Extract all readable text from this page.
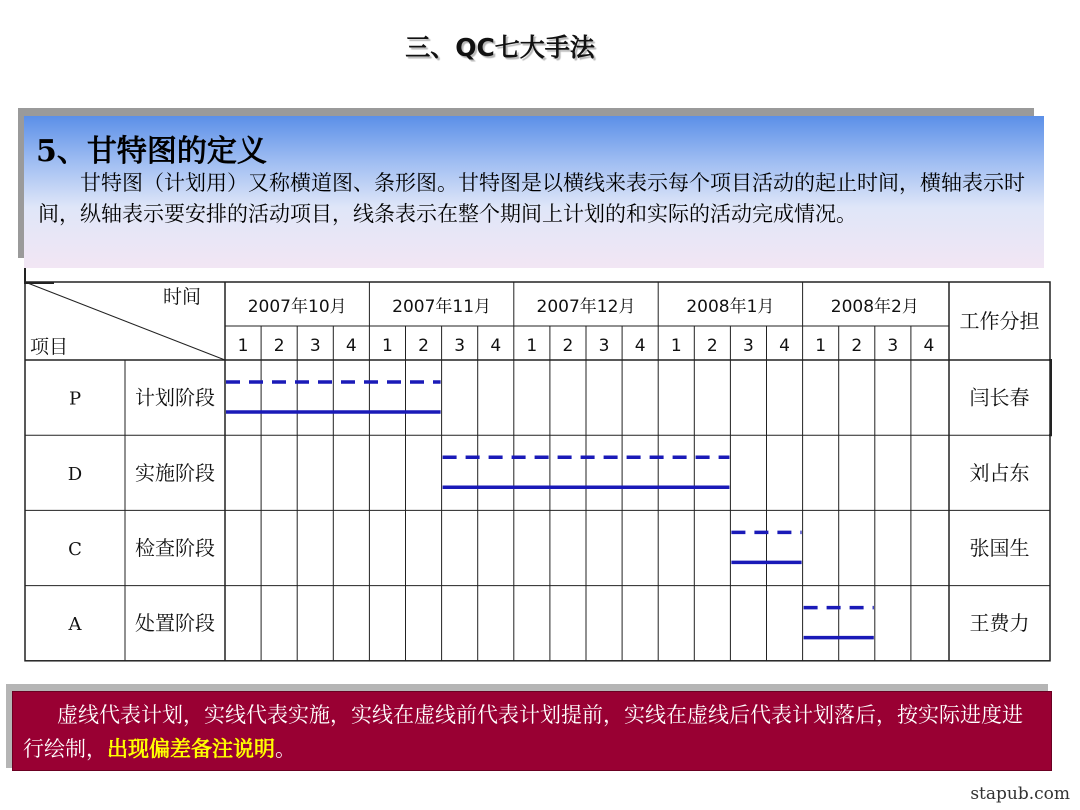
三、QC七大手法
5、甘特图的定义
甘特图（计划用）又称横道图、条形图。甘特图是以横线来表示每个项目活动的起止时间，横轴表示时间，纵轴表示要安排的活动项目，线条表示在整个期间上计划的和实际的活动完成情况。
时间
项目
2007年10月	2007年11月	2007年12月	2008年1月	2008年2月
1 2 3 4 1 2 3 4 1 2 3 4 1 2 3 4 1 2 3 4
工作分担
P	计划阶段	闫长春
D	实施阶段	刘占东
C	检查阶段	张国生
A	处置阶段	王费力
虚线代表计划，实线代表实施，实线在虚线前代表计划提前，实线在虚线后代表计划落后，按实际进度进行绘制，出现偏差备注说明。
stapub.com
